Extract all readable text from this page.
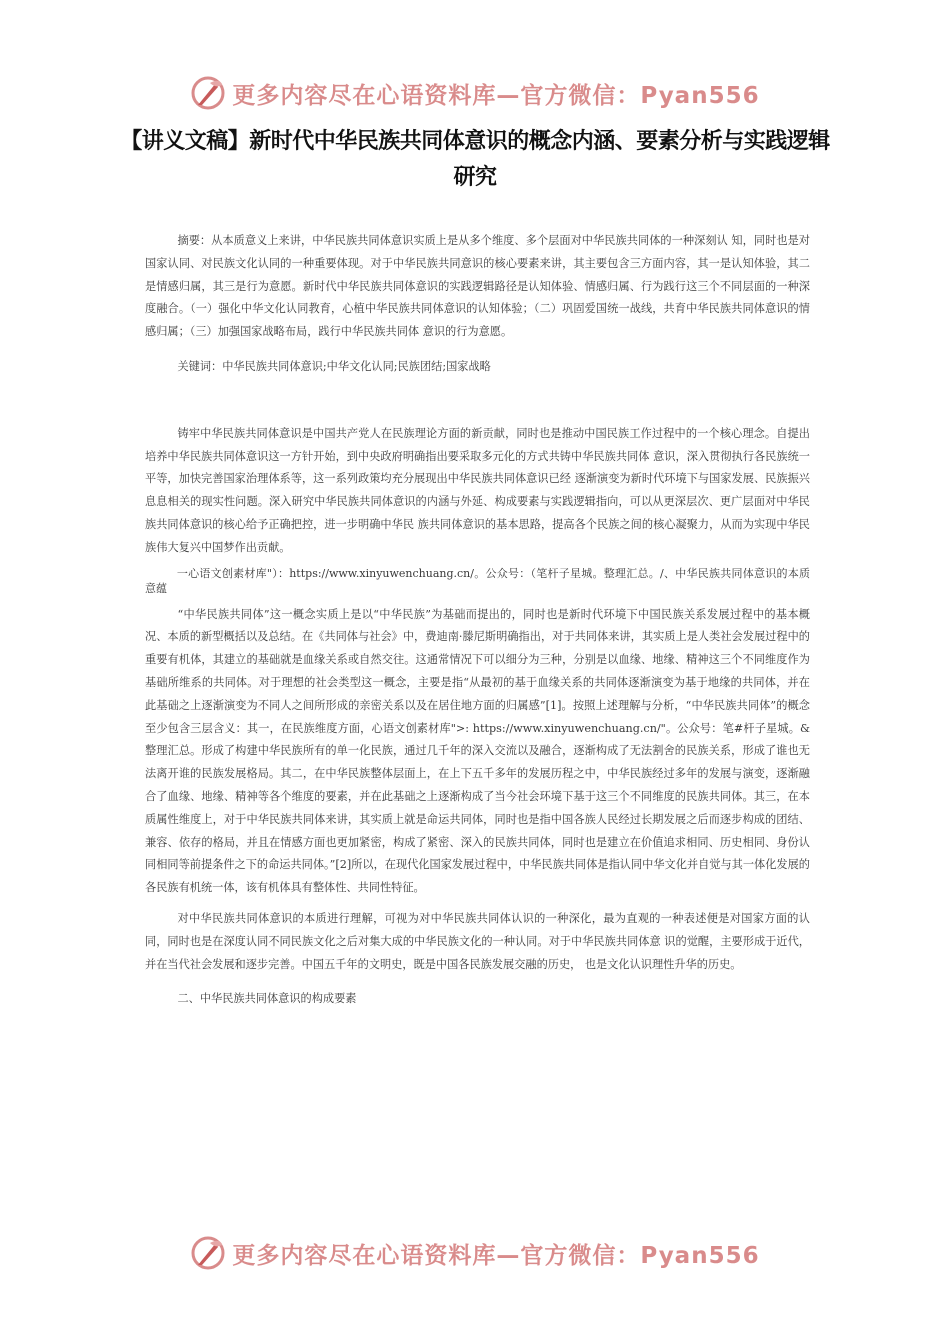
更多内容尽在心语资料库—官方微信：Pyan556
【讲义文稿】新时代中华民族共同体意识的概念内涵、要素分析与实践逻辑研究

摘要：从本质意义上来讲，中华民族共同体意识实质上是从多个维度、多个层面对中华民族共同体的一种深刻认 知，同时也是对国家认同、对民族文化认同的一种重要体现。对于中华民族共同意识的核心要素来讲，其主要包含三方面内容，其一是认知体验，其二是情感归属，其三是行为意愿。新时代中华民族共同体意识的实践逻辑路径是认知体验、情感归属、行为践行这三个不同层面的一种深度融合。（一）强化中华文化认同教育，心植中华民族共同体意识的认知体验；（二）巩固爱国统一战线，共育中华民族共同体意识的情感归属；（三）加强国家战略布局，践行中华民族共同体 意识的行为意愿。

关键词：中华民族共同体意识;中华文化认同;民族团结;国家战略

铸牢中华民族共同体意识是中国共产党人在民族理论方面的新贡献，同时也是推动中国民族工作过程中的一个核心理念。自提出培养中华民族共同体意识这一方针开始，到中央政府明确指出要采取多元化的方式共铸中华民族共同体 意识，深入贯彻执行各民族统一平等，加快完善国家治理体系等，这一系列政策均充分展现出中华民族共同体意识已经 逐渐演变为新时代环境下与国家发展、民族振兴息息相关的现实性问题。深入研究中华民族共同体意识的内涵与外延、构成要素与实践逻辑指向，可以从更深层次、更广层面对中华民族共同体意识的核心给予正确把控，进一步明确中华民 族共同体意识的基本思路，提高各个民族之间的核心凝聚力，从而为实现中华民族伟大复兴中国梦作出贡献。

一心语文创素材库"）：https://www.xinyuwenchuang.cn/。公众号：（笔杆子星城。整理汇总。/、中华民族共同体意识的本质意蕴

“中华民族共同体”这一概念实质上是以“中华民族”为基础而提出的，同时也是新时代环境下中国民族关系发展过程中的基本概况、本质的新型概括以及总结。在《共同体与社会》中，费迪南·滕尼斯明确指出，对于共同体来讲，其实质上是人类社会发展过程中的重要有机体，其建立的基础就是血缘关系或自然交往。这通常情况下可以细分为三种，分别是以血缘、地缘、精神这三个不同维度作为基础所维系的共同体。对于理想的社会类型这一概念，主要是指“从最初的基于血缘关系的共同体逐渐演变为基于地缘的共同体，并在此基础之上逐渐演变为不同人之间所形成的亲密关系以及在居住地方面的归属感”[1]。按照上述理解与分析，“中华民族共同体”的概念至少包含三层含义：其一，在民族维度方面，心语文创素材库">: https://www.xinyuwenchuang.cn/"。公众号：笔#杆子星城。&整理汇总。形成了构建中华民族所有的单一化民族，通过几千年的深入交流以及融合，逐渐构成了无法割舍的民族关系，形成了谁也无法离开谁的民族发展格局。其二，在中华民族整体层面上，在上下五千多年的发展历程之中，中华民族经过多年的发展与演变，逐渐融合了血缘、地缘、精神等各个维度的要素，并在此基础之上逐渐构成了当今社会环境下基于这三个不同维度的民族共同体。其三，在本质属性维度上，对于中华民族共同体来讲，其实质上就是命运共同体，同时也是指中国各族人民经过长期发展之后而逐步构成的团结、兼容、依存的格局，并且在情感方面也更加紧密，构成了紧密、深入的民族共同体，同时也是建立在价值追求相同、历史相同、身份认同相同等前提条件之下的命运共同体。”[2]所以，在现代化国家发展过程中，中华民族共同体是指认同中华文化并自觉与其一体化发展的各民族有机统一体，该有机体具有整体性、共同性特征。

对中华民族共同体意识的本质进行理解，可视为对中华民族共同体认识的一种深化，最为直观的一种表述便是对国家方面的认同，同时也是在深度认同不同民族文化之后对集大成的中华民族文化的一种认同。对于中华民族共同体意 识的觉醒，主要形成于近代，并在当代社会发展和逐步完善。中国五千年的文明史，既是中国各民族发展交融的历史， 也是文化认识理性升华的历史。

二、中华民族共同体意识的构成要素

更多内容尽在心语资料库—官方微信：Pyan556
